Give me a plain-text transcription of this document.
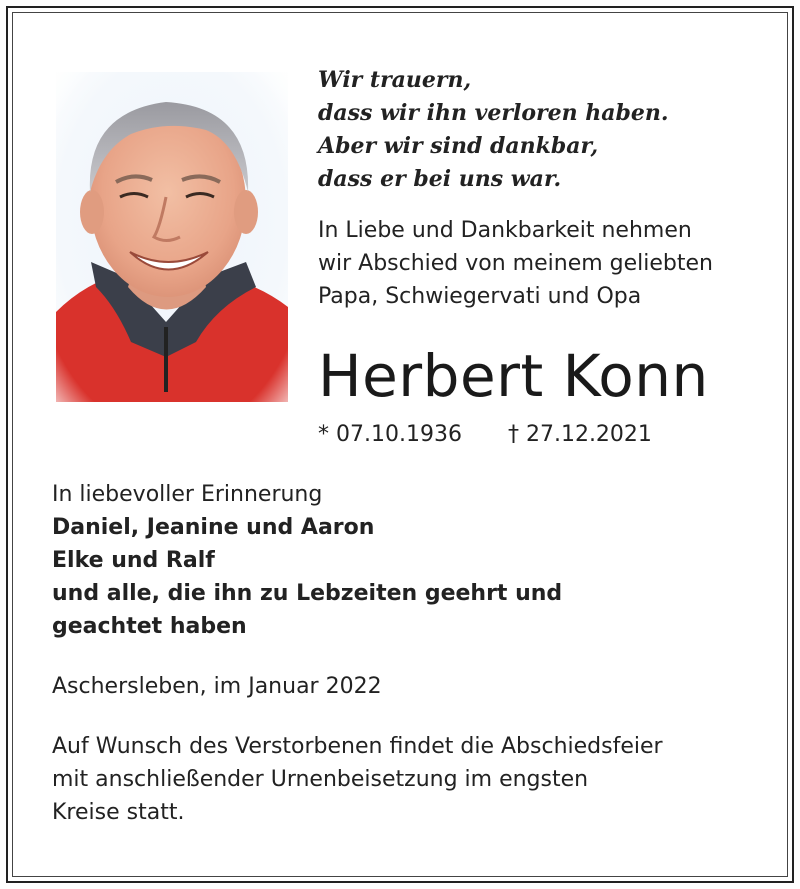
Wir trauern,
dass wir ihn verloren haben.
Aber wir sind dankbar,
dass er bei uns war.
In Liebe und Dankbarkeit nehmen
wir Abschied von meinem geliebten
Papa, Schwiegervati und Opa
Herbert Konn
* 07.10.1936 † 27.12.2021
In liebevoller Erinnerung
Daniel, Jeanine und Aaron
Elke und Ralf
und alle, die ihn zu Lebzeiten geehrt und
geachtet haben
Aschersleben, im Januar 2022
Auf Wunsch des Verstorbenen findet die Abschiedsfeier
mit anschließender Urnenbeisetzung im engsten
Kreise statt.
